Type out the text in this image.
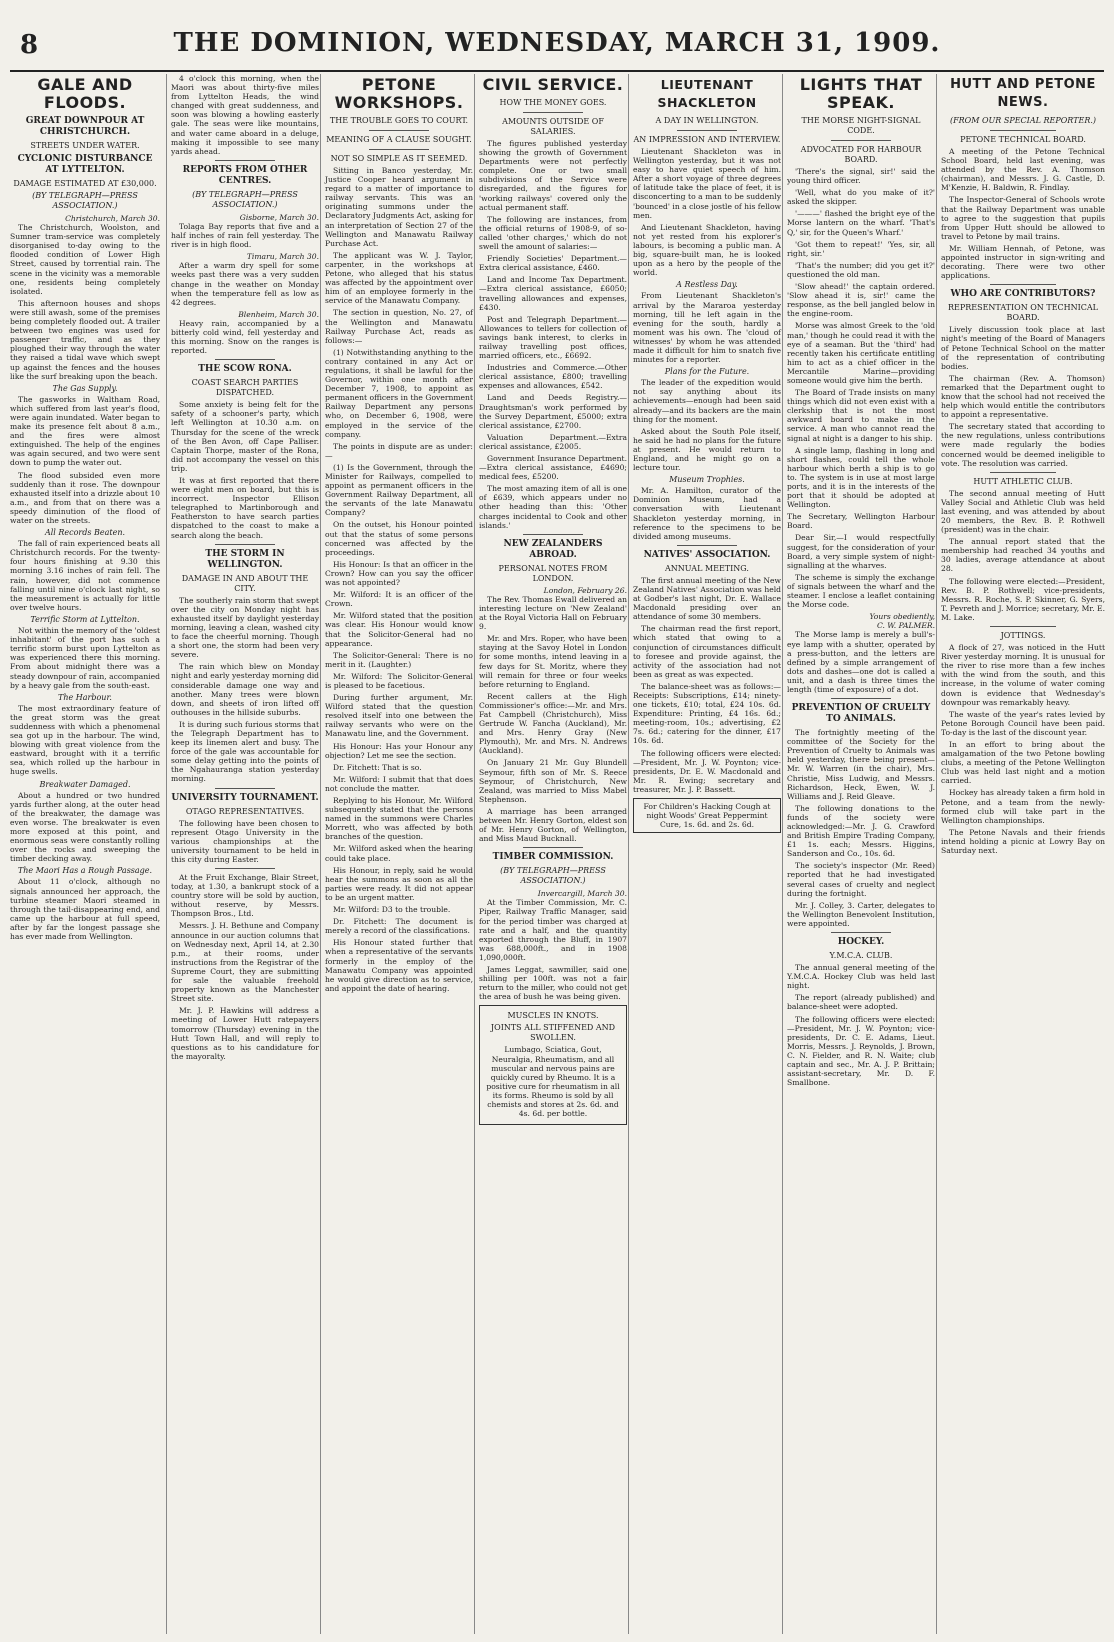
8	THE DOMINION, WEDNESDAY, MARCH 31, 1909.
GALE AND FLOODS.
GREAT DOWNPOUR AT CHRISTCHURCH.
STREETS UNDER WATER.
CYCLONIC DISTURBANCE AT LYTTELTON.
DAMAGE ESTIMATED AT £30,000.
(BY TELEGRAPH—PRESS ASSOCIATION.)
Christchurch, March 30.

The Christchurch, Woolston, and Sumner tram-service was completely disorganised to-day owing to the flooded condition of Lower High Street, caused by torrential rain. The scene in the vicinity was a memorable one, residents being completely isolated.

This afternoon houses and shops were still awash, some of the premises being completely flooded out. A trailer between two engines was used for passenger traffic, and as they ploughed their way through the water they raised a tidal wave which swept up against the fences and the houses like the surf breaking upon the beach.

The Gas Supply.

The gasworks in Waltham Road, which suffered from last year's flood, were again inundated. Water began to make its presence felt about 8 a.m., and the fires were almost extinguished. The help of the engines was again secured, and two were sent down to pump the water out.

The flood subsided even more suddenly than it rose. The downpour exhausted itself into a drizzle about 10 a.m., and from that on there was a speedy diminution of the flood of water on the streets.

All Records Beaten.

The fall of rain experienced beats all Christchurch records. For the twenty-four hours finishing at 9.30 this morning 3.16 inches of rain fell. The rain, however, did not commence falling until nine o'clock last night, so the measurement is actually for little over twelve hours.

Terrific Storm at Lyttelton.

Not within the memory of the 'oldest inhabitant' of the port has such a terrific storm burst upon Lyttelton as was experienced there this morning. From about midnight there was a steady downpour of rain, accompanied by a heavy gale from the south-east.

The Harbour.

The most extraordinary feature of the great storm was the great suddenness with which a phenomenal sea got up in the harbour. The wind, blowing with great violence from the eastward, brought with it a terrific sea, which rolled up the harbour in huge swells.

Breakwater Damaged.

About a hundred or two hundred yards further along, at the outer head of the breakwater, the damage was even worse. The breakwater is even more exposed at this point, and enormous seas were constantly rolling over the rocks and sweeping the timber decking away.

The Maori Has a Rough Passage.

About 11 o'clock, although no signals announced her approach, the turbine steamer Maori steamed in through the tail-disappearing end, and came up the harbour at full speed, after by far the longest passage she has ever made from Wellington.

4 o'clock this morning, when the Maori was about thirty-five miles from Lyttelton Heads, the wind changed with great suddenness, and soon was blowing a howling easterly gale. The seas were like mountains, and water came aboard in a deluge, making it impossible to see many yards ahead.

REPORTS FROM OTHER CENTRES.
(BY TELEGRAPH—PRESS ASSOCIATION.)
Gisborne, March 30.

Tolaga Bay reports that five and a half inches of rain fell yesterday. The river is in high flood.

Timaru, March 30.

After a warm dry spell for some weeks past there was a very sudden change in the weather on Monday when the temperature fell as low as 42 degrees.

Blenheim, March 30.

Heavy rain, accompanied by a bitterly cold wind, fell yesterday and this morning. Snow on the ranges is reported.

THE SCOW RONA.
COAST SEARCH PARTIES DISPATCHED.

Some anxiety is being felt for the safety of a schooner's party, which left Wellington at 10.30 a.m. on Thursday for the scene of the wreck of the Ben Avon, off Cape Palliser. Captain Thorpe, master of the Rona, did not accompany the vessel on this trip.

It was at first reported that there were eight men on board, but this is incorrect. Inspector Ellison telegraphed to Martinborough and Featherston to have search parties dispatched to the coast to make a search along the beach.

THE STORM IN WELLINGTON.
DAMAGE IN AND ABOUT THE CITY.

The southerly rain storm that swept over the city on Monday night has exhausted itself by daylight yesterday morning, leaving a clean, washed city to face the cheerful morning. Though a short one, the storm had been very severe.

The rain which blew on Monday night and early yesterday morning did considerable damage one way and another. Many trees were blown down, and sheets of iron lifted off outhouses in the hillside suburbs.

It is during such furious storms that the Telegraph Department has to keep its linemen alert and busy. The force of the gale was accountable for some delay getting into the points of the Ngahauranga station yesterday morning.

UNIVERSITY TOURNAMENT.
OTAGO REPRESENTATIVES.

The following have been chosen to represent Otago University in the various championships at the university tournament to be held in this city during Easter.

At the Fruit Exchange, Blair Street, today, at 1.30, a bankrupt stock of a country store will be sold by auction, without reserve, by Messrs. Thompson Bros., Ltd.

Messrs. J. H. Bethune and Company announce in our auction columns that on Wednesday next, April 14, at 2.30 p.m., at their rooms, under instructions from the Registrar of the Supreme Court, they are submitting for sale the valuable freehold property known as the Manchester Street site.

Mr. J. P. Hawkins will address a meeting of Lower Hutt ratepayers tomorrow (Thursday) evening in the Hutt Town Hall, and will reply to questions as to his candidature for the mayoralty.

PETONE WORKSHOPS.
THE TROUBLE GOES TO COURT.
MEANING OF A CLAUSE SOUGHT.
NOT SO SIMPLE AS IT SEEMED.

Sitting in Banco yesterday, Mr. Justice Cooper heard argument in regard to a matter of importance to railway servants. This was an originating summons under the Declaratory Judgments Act, asking for an interpretation of Section 27 of the Wellington and Manawatu Railway Purchase Act.

The applicant was W. J. Taylor, carpenter, in the workshops at Petone, who alleged that his status was affected by the appointment over him of an employee formerly in the service of the Manawatu Company.

The section in question, No. 27, of the Wellington and Manawatu Railway Purchase Act, reads as follows:—

(1) Notwithstanding anything to the contrary contained in any Act or regulations, it shall be lawful for the Governor, within one month after December 7, 1908, to appoint as permanent officers in the Government Railway Department any persons who, on December 6, 1908, were employed in the service of the company.

The points in dispute are as under:—

(1) Is the Government, through the Minister for Railways, compelled to appoint as permanent officers in the Government Railway Department, all the servants of the late Manawatu Company?

On the outset, his Honour pointed out that the status of some persons concerned was affected by the proceedings.

His Honour: Is that an officer in the Crown? How can you say the officer was not appointed?

Mr. Wilford: It is an officer of the Crown.

Mr. Wilford stated that the position was clear. His Honour would know that the Solicitor-General had no appearance.

The Solicitor-General: There is no merit in it. (Laughter.)

Mr. Wilford: The Solicitor-General is pleased to be facetious.

During further argument, Mr. Wilford stated that the question resolved itself into one between the railway servants who were on the Manawatu line, and the Government.

His Honour: Has your Honour any objection? Let me see the section.

Dr. Fitchett: That is so.

Mr. Wilford: I submit that that does not conclude the matter.

Replying to his Honour, Mr. Wilford subsequently stated that the persons named in the summons were Charles Morrett, who was affected by both branches of the question.

Mr. Wilford asked when the hearing could take place.

His Honour, in reply, said he would hear the summons as soon as all the parties were ready. It did not appear to be an urgent matter.

Mr. Wilford: D3 to the trouble.

Dr. Fitchett: The document is merely a record of the classifications.

His Honour stated further that when a representative of the servants formerly in the employ of the Manawatu Company was appointed he would give direction as to service, and appoint the date of hearing.

CIVIL SERVICE.
HOW THE MONEY GOES.
AMOUNTS OUTSIDE OF SALARIES.

The figures published yesterday showing the growth of Government Departments were not perfectly complete. One or two small subdivisions of the Service were disregarded, and the figures for 'working railways' covered only the actual permanent staff.

The following are instances, from the official returns of 1908-9, of so-called 'other charges,' which do not swell the amount of salaries:—

Friendly Societies' Department.—Extra clerical assistance, £460.

Land and Income Tax Department.—Extra clerical assistance, £6050; travelling allowances and expenses, £430.

Post and Telegraph Department.—Allowances to tellers for collection of savings bank interest, to clerks in railway travelling post offices, married officers, etc., £6692.

Industries and Commerce.—Other clerical assistance, £800; travelling expenses and allowances, £542.

Land and Deeds Registry.—Draughtsman's work performed by the Survey Department, £5000; extra clerical assistance, £2700.

Valuation Department.—Extra clerical assistance, £2005.

Government Insurance Department.—Extra clerical assistance, £4690; medical fees, £5200.

The most amazing item of all is one of £639, which appears under no other heading than this: 'Other charges incidental to Cook and other islands.'

NEW ZEALANDERS ABROAD.
PERSONAL NOTES FROM LONDON.
London, February 26.

The Rev. Thomas Ewall delivered an interesting lecture on 'New Zealand' at the Royal Victoria Hall on February 9.

Mr. and Mrs. Roper, who have been staying at the Savoy Hotel in London for some months, intend leaving in a few days for St. Moritz, where they will remain for three or four weeks before returning to England.

Recent callers at the High Commissioner's office:—Mr. and Mrs. Fat Campbell (Christchurch), Miss Gertrude W. Fancha (Auckland), Mr. and Mrs. Henry Gray (New Plymouth), Mr. and Mrs. N. Andrews (Auckland).

On January 21 Mr. Guy Blundell Seymour, fifth son of Mr. S. Reece Seymour, of Christchurch, New Zealand, was married to Miss Mabel Stephenson.

A marriage has been arranged between Mr. Henry Gorton, eldest son of Mr. Henry Gorton, of Wellington, and Miss Maud Bucknall.

TIMBER COMMISSION.
(BY TELEGRAPH—PRESS ASSOCIATION.)
Invercargill, March 30.

At the Timber Commission, Mr. C. Piper, Railway Traffic Manager, said for the period timber was charged at rate and a half, and the quantity exported through the Bluff, in 1907 was 688,000ft., and in 1908 1,090,000ft.

James Leggat, sawmiller, said one shilling per 100ft. was not a fair return to the miller, who could not get the area of bush he was being given.

MUSCLES IN KNOTS.
JOINTS ALL STIFFENED AND SWOLLEN.

Lumbago, Sciatica, Gout, Neuralgia, Rheumatism, and all muscular and nervous pains are quickly cured by Rheumo. It is a positive cure for rheumatism in all its forms. Rheumo is sold by all chemists and stores at 2s. 6d. and 4s. 6d. per bottle.

LIEUTENANT SHACKLETON
A DAY IN WELLINGTON.
AN IMPRESSION AND INTERVIEW.

Lieutenant Shackleton was in Wellington yesterday, but it was not easy to have quiet speech of him. After a short voyage of three degrees of latitude take the place of feet, it is disconcerting to a man to be suddenly 'bounced' in a close jostle of his fellow men.

And Lieutenant Shackleton, having not yet rested from his explorer's labours, is becoming a public man. A big, square-built man, he is looked upon as a hero by the people of the world.

A Restless Day.

From Lieutenant Shackleton's arrival by the Mararoa yesterday morning, till he left again in the evening for the south, hardly a moment was his own. The 'cloud of witnesses' by whom he was attended made it difficult for him to snatch five minutes for a reporter.

Plans for the Future.

The leader of the expedition would not say anything about its achievements—enough had been said already—and its backers are the main thing for the moment.

Asked about the South Pole itself, he said he had no plans for the future at present. He would return to England, and he might go on a lecture tour.

Museum Trophies.

Mr. A. Hamilton, curator of the Dominion Museum, had a conversation with Lieutenant Shackleton yesterday morning, in reference to the specimens to be divided among museums.

NATIVES' ASSOCIATION.
ANNUAL MEETING.

The first annual meeting of the New Zealand Natives' Association was held at Godber's last night, Dr. E. Wallace Macdonald presiding over an attendance of some 30 members.

The chairman read the first report, which stated that owing to a conjunction of circumstances difficult to foresee and provide against, the activity of the association had not been as great as was expected.

The balance-sheet was as follows:—Receipts: Subscriptions, £14; ninety-one tickets, £10; total, £24 10s. 6d. Expenditure: Printing, £4 16s. 6d.; meeting-room, 10s.; advertising, £2 7s. 6d.; catering for the dinner, £17 10s. 6d.

The following officers were elected:—President, Mr. J. W. Poynton; vice-presidents, Dr. E. W. Macdonald and Mr. R. Ewing; secretary and treasurer, Mr. J. P. Bassett.

For Children's Hacking Cough at night Woods' Great Peppermint Cure, 1s. 6d. and 2s. 6d.
LIGHTS THAT SPEAK.
THE MORSE NIGHT-SIGNAL CODE.
ADVOCATED FOR HARBOUR BOARD.

'There's the signal, sir!' said the young third officer.

'Well, what do you make of it?' asked the skipper.

'———' flashed the bright eye of the Morse lantern on the wharf. 'That's Q,' sir, for the Queen's Wharf.'

'Got them to repeat!' 'Yes, sir, all right, sir.'

'That's the number; did you get it?' questioned the old man.

'Slow ahead!' the captain ordered. 'Slow ahead it is, sir!' came the response, as the bell jangled below in the engine-room.

Morse was almost Greek to the 'old man,' though he could read it with the eye of a seaman. But the 'third' had recently taken his certificate entitling him to act as a chief officer in the Mercantile Marine—providing someone would give him the berth.

The Board of Trade insists on many things which did not even exist with a clerkship that is not the most awkward board to make in the service. A man who cannot read the signal at night is a danger to his ship.

A single lamp, flashing in long and short flashes, could tell the whole harbour which berth a ship is to go to. The system is in use at most large ports, and it is in the interests of the port that it should be adopted at Wellington.

The Secretary, Wellington Harbour Board.

Dear Sir,—I would respectfully suggest, for the consideration of your Board, a very simple system of night-signalling at the wharves.

The scheme is simply the exchange of signals between the wharf and the steamer. I enclose a leaflet containing the Morse code.

Yours obediently,
C. W. PALMER.

The Morse lamp is merely a bull's-eye lamp with a shutter, operated by a press-button, and the letters are defined by a simple arrangement of dots and dashes—one dot is called a unit, and a dash is three times the length (time of exposure) of a dot.

PREVENTION OF CRUELTY TO ANIMALS.

The fortnightly meeting of the committee of the Society for the Prevention of Cruelty to Animals was held yesterday, there being present—Mr. W. Warren (in the chair), Mrs. Christie, Miss Ludwig, and Messrs. Richardson, Heck, Ewen, W. J. Williams and J. Reid Gleave.

The following donations to the funds of the society were acknowledged:—Mr. J. G. Crawford and British Empire Trading Company, £1 1s. each; Messrs. Higgins, Sanderson and Co., 10s. 6d.

The society's inspector (Mr. Reed) reported that he had investigated several cases of cruelty and neglect during the fortnight.

Mr. J. Colley, 3. Carter, delegates to the Wellington Benevolent Institution, were appointed.

HOCKEY.
Y.M.C.A. CLUB.

The annual general meeting of the Y.M.C.A. Hockey Club was held last night.

The report (already published) and balance-sheet were adopted.

The following officers were elected:—President, Mr. J. W. Poynton; vice-presidents, Dr. C. E. Adams, Lieut. Morris, Messrs. J. Reynolds, J. Brown, C. N. Fielder, and R. N. Waite; club captain and sec., Mr. A. J. P. Brittain; assistant-secretary, Mr. D. F. Smallbone.

HUTT AND PETONE NEWS.
(FROM OUR SPECIAL REPORTER.)
PETONE TECHNICAL BOARD.

A meeting of the Petone Technical School Board, held last evening, was attended by the Rev. A. Thomson (chairman), and Messrs. J. G. Castle, D. M'Kenzie, H. Baldwin, R. Findlay.

The Inspector-General of Schools wrote that the Railway Department was unable to agree to the suggestion that pupils from Upper Hutt should be allowed to travel to Petone by mail trains.

Mr. William Hennah, of Petone, was appointed instructor in sign-writing and decorating. There were two other applications.

WHO ARE CONTRIBUTORS?
REPRESENTATION ON TECHNICAL BOARD.

Lively discussion took place at last night's meeting of the Board of Managers of Petone Technical School on the matter of the representation of contributing bodies.

The chairman (Rev. A. Thomson) remarked that the Department ought to know that the school had not received the help which would entitle the contributors to appoint a representative.

The secretary stated that according to the new regulations, unless contributions were made regularly the bodies concerned would be deemed ineligible to vote. The resolution was carried.

HUTT ATHLETIC CLUB.

The second annual meeting of Hutt Valley Social and Athletic Club was held last evening, and was attended by about 20 members, the Rev. B. P. Rothwell (president) was in the chair.

The annual report stated that the membership had reached 34 youths and 30 ladies, average attendance at about 28.

The following were elected:—President, Rev. B. P. Rothwell; vice-presidents, Messrs. R. Roche, S. P. Skinner, G. Syers, T. Pevreth and J. Morrice; secretary, Mr. E. M. Lake.

JOTTINGS.

A flock of 27, was noticed in the Hutt River yesterday morning. It is unusual for the river to rise more than a few inches with the wind from the south, and this increase, in the volume of water coming down is evidence that Wednesday's downpour was remarkably heavy.

The waste of the year's rates levied by Petone Borough Council have been paid. To-day is the last of the discount year.

In an effort to bring about the amalgamation of the two Petone bowling clubs, a meeting of the Petone Wellington Club was held last night and a motion carried.

Hockey has already taken a firm hold in Petone, and a team from the newly-formed club will take part in the Wellington championships.

The Petone Navals and their friends intend holding a picnic at Lowry Bay on Saturday next.
